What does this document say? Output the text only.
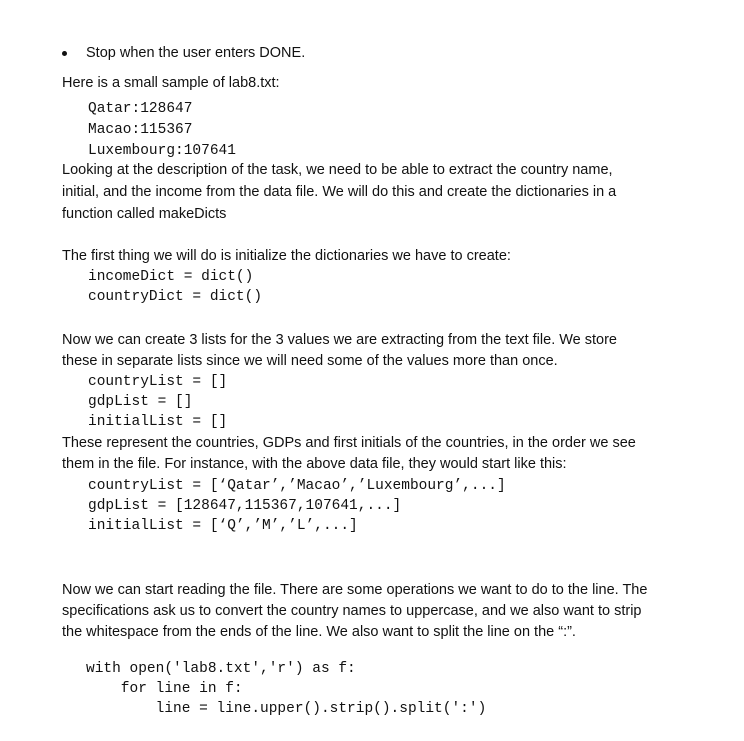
Stop when the user enters DONE.

Here is a small sample of lab8.txt:

Qatar:128647
Macao:115367
Luxembourg:107641

Looking at the description of the task, we need to be able to extract the country name,

initial, and the income from the data file. We will do this and create the dictionaries in a

function called makeDicts

The first thing we will do is initialize the dictionaries we have to create:

incomeDict = dict()
countryDict = dict()

Now we can create 3 lists for the 3 values we are extracting from the text file. We store

these in separate lists since we will need some of the values more than once.

countryList = []
gdpList = []
initialList = []

These represent the countries, GDPs and first initials of the countries, in the order we see

them in the file. For instance, with the above data file, they would start like this:

countryList = [‘Qatar’,’Macao’,’Luxembourg’,...]
gdpList = [128647,115367,107641,...]
initialList = [‘Q’,’M’,’L’,...]

Now we can start reading the file. There are some operations we want to do to the line. The

specifications ask us to convert the country names to uppercase, and we also want to strip

the whitespace from the ends of the line. We also want to split the line on the “:”.

with open('lab8.txt','r') as f:
for line in f:
line = line.upper().strip().split(':')
